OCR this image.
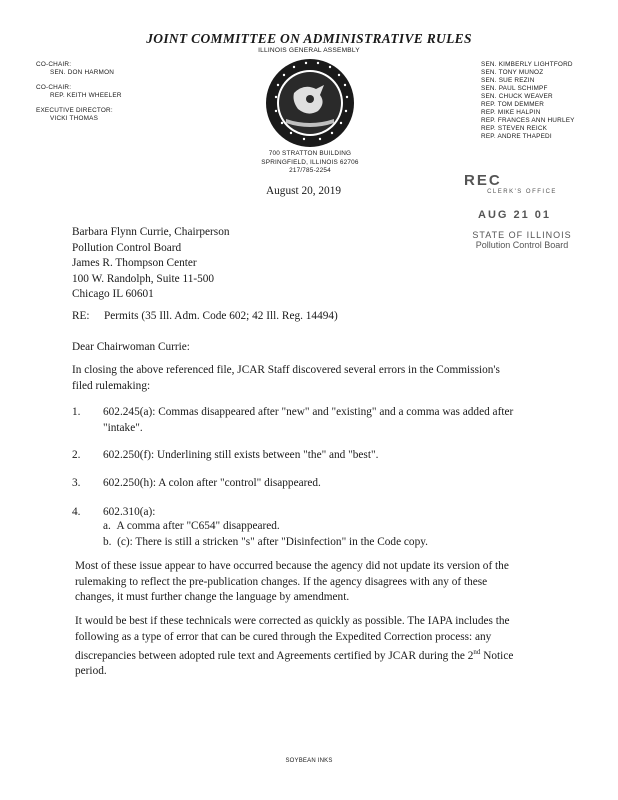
JOINT COMMITTEE ON ADMINISTRATIVE RULES
ILLINOIS GENERAL ASSEMBLY
CO-CHAIR:
SEN. DON HARMON
CO-CHAIR:
REP. KEITH WHEELER
EXECUTIVE DIRECTOR:
VICKI THOMAS
SEN. KIMBERLY LIGHTFORD
SEN. TONY MUNOZ
SEN. SUE REZIN
SEN. PAUL SCHIMPF
SEN. CHUCK WEAVER
REP. TOM DEMMER
REP. MIKE HALPIN
REP. FRANCES ANN HURLEY
REP. STEVEN REICK
REP. ANDRE THAPEDI
700 STRATTON BUILDING
SPRINGFIELD, ILLINOIS 62706
217/785-2254
August 20, 2019
REC
CLERK'S OFFICE
AUG 21 01
STATE OF ILLINOIS
Pollution Control Board
Barbara Flynn Currie, Chairperson
Pollution Control Board
James R. Thompson Center
100 W. Randolph, Suite 11-500
Chicago IL 60601
RE: Permits (35 Ill. Adm. Code 602; 42 Ill. Reg. 14494)
Dear Chairwoman Currie:
In closing the above referenced file, JCAR Staff discovered several errors in the Commission's
filed rulemaking:
1. 602.245(a): Commas disappeared after "new" and "existing" and a comma was added after
"intake".
2. 602.250(f): Underlining still exists between "the" and "best".
3. 602.250(h): A colon after "control" disappeared.
4. 602.310(a):
a. A comma after "C654" disappeared.
b. (c): There is still a stricken "s" after "Disinfection" in the Code copy.
Most of these issue appear to have occurred because the agency did not update its version of the
rulemaking to reflect the pre-publication changes. If the agency disagrees with any of these
changes, it must further change the language by amendment.
It would be best if these technicals were corrected as quickly as possible. The IAPA includes the
following as a type of error that can be cured through the Expedited Correction process: any
discrepancies between adopted rule text and Agreements certified by JCAR during the 2nd Notice
period.
SOYBEAN INKS
